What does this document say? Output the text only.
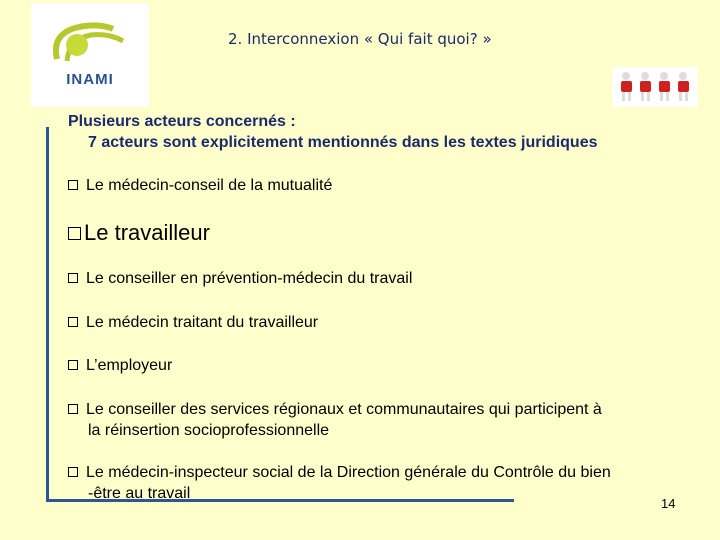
INAMI
2. Interconnexion « Qui fait quoi? »
Plusieurs acteurs concernés :
7 acteurs sont explicitement mentionnés dans les textes juridiques
Le médecin-conseil de la mutualité
Le travailleur
Le conseiller en prévention-médecin du travail
Le médecin traitant du travailleur
L’employeur
Le conseiller des services régionaux et communautaires qui participent à
la réinsertion socioprofessionnelle
Le médecin-inspecteur social de la Direction générale du Contrôle du bien
-être au travail
14
